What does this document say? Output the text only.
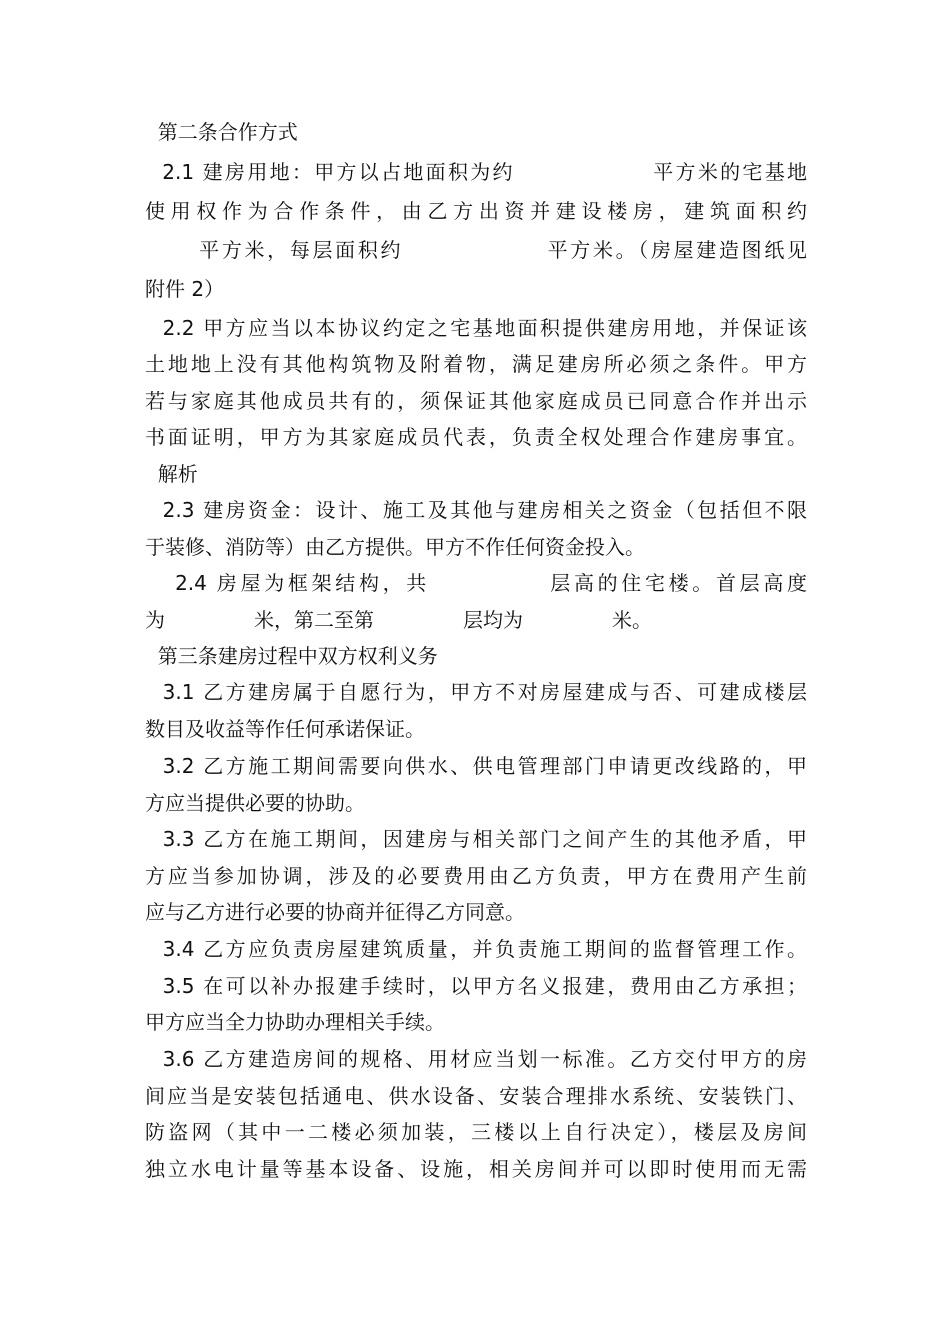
第二条合作方式
2.1 建房用地：甲方以占地面积为约                平方米的宅基地
使用权作为合作条件，由乙方出资并建设楼房，建筑面积约
平方米，每层面积约                平方米。（房屋建造图纸见
附件 2）
2.2 甲方应当以本协议约定之宅基地面积提供建房用地，并保证该
土地地上没有其他构筑物及附着物，满足建房所必须之条件。甲方
若与家庭其他成员共有的，须保证其他家庭成员已同意合作并出示
书面证明，甲方为其家庭成员代表，负责全权处理合作建房事宜。
解析
2.3 建房资金：设计、施工及其他与建房相关之资金（包括但不限
于装修、消防等）由乙方提供。甲方不作任何资金投入。
2.4 房屋为框架结构，共            层高的住宅楼。首层高度
为              米，第二至第              层均为              米。
第三条建房过程中双方权利义务
3.1 乙方建房属于自愿行为，甲方不对房屋建成与否、可建成楼层
数目及收益等作任何承诺保证。
3.2 乙方施工期间需要向供水、供电管理部门申请更改线路的，甲
方应当提供必要的协助。
3.3 乙方在施工期间，因建房与相关部门之间产生的其他矛盾，甲
方应当参加协调，涉及的必要费用由乙方负责，甲方在费用产生前
应与乙方进行必要的协商并征得乙方同意。
3.4 乙方应负责房屋建筑质量，并负责施工期间的监督管理工作。
3.5 在可以补办报建手续时，以甲方名义报建，费用由乙方承担；
甲方应当全力协助办理相关手续。
3.6 乙方建造房间的规格、用材应当划一标准。乙方交付甲方的房
间应当是安装包括通电、供水设备、安装合理排水系统、安装铁门、
防盗网（其中一二楼必须加装，三楼以上自行决定），楼层及房间
独立水电计量等基本设备、设施，相关房间并可以即时使用而无需
